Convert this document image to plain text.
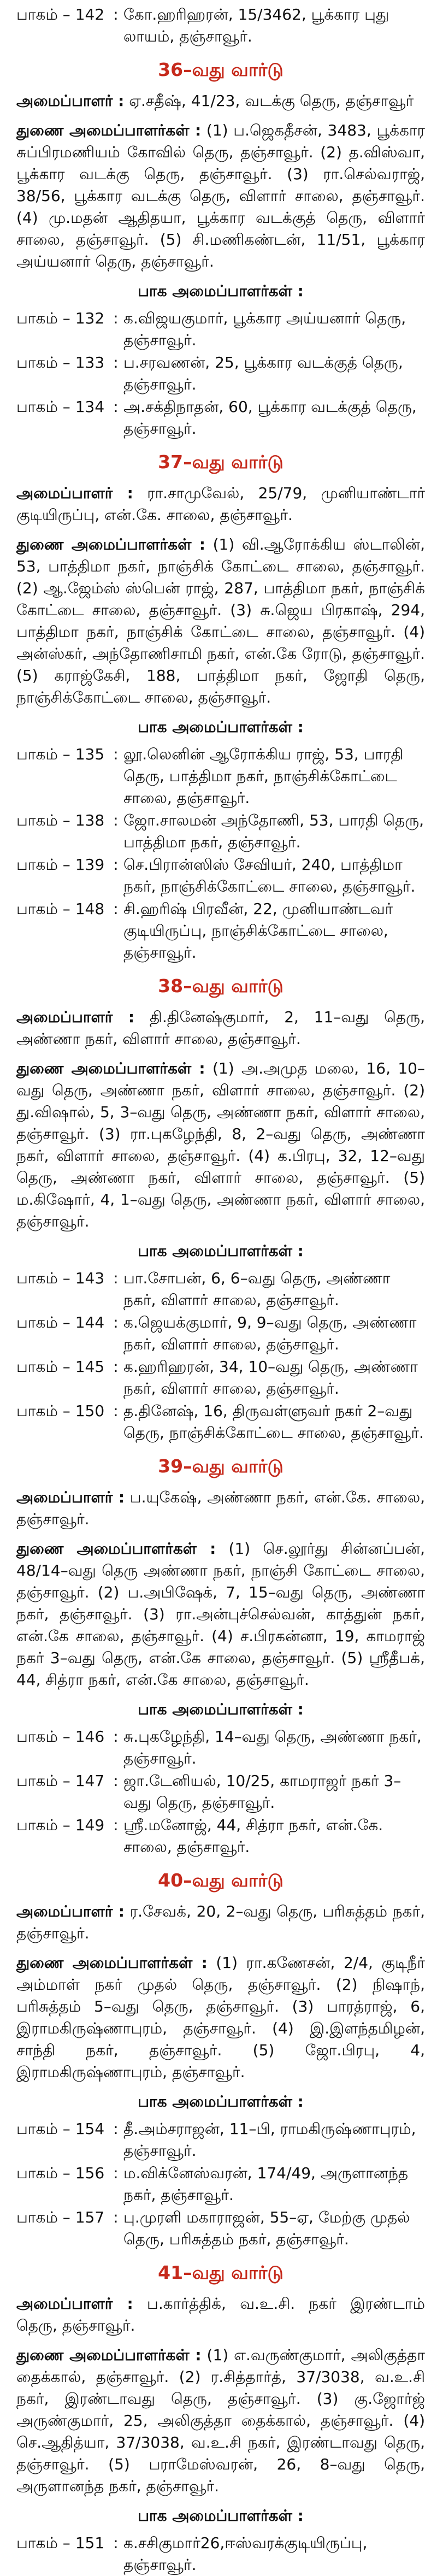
பாகம் – 142 : கோ.ஹரிஹரன், 15/3462, பூக்கார புது லாயம், தஞ்சாவூர்.
36–வது வார்டு
அமைப்பாளர் : ஏ.சதீஷ், 41/23, வடக்கு தெரு, தஞ்சாவூர்
துணை அமைப்பாளர்கள் : (1) ப.ஜெகதீசன், 3483, பூக்கார சுப்பிரமணியம் கோவில் தெரு, தஞ்சாவூர். (2) த.விஸ்வா, பூக்கார வடக்கு தெரு, தஞ்சாவூர். (3) ரா.செல்வராஜ், 38/56, பூக்கார வடக்கு தெரு, விளார் சாலை, தஞ்சாவூர். (4) மு.மதன் ஆதிதயா, பூக்கார வடக்குத் தெரு, விளார் சாலை, தஞ்சாவூர். (5) சி.மணிகண்டன், 11/51, பூக்கார அய்யனார் தெரு, தஞ்சாவூர்.
பாக அமைப்பாளர்கள் :
பாகம் – 132 : க.விஜயகுமார், பூக்கார அய்யனார் தெரு, தஞ்சாவூர்.
பாகம் – 133 : ப.சரவணன், 25, பூக்கார வடக்குத் தெரு, தஞ்சாவூர்.
பாகம் – 134 : அ.சக்திநாதன், 60, பூக்கார வடக்குத் தெரு, தஞ்சாவூர்.
37–வது வார்டு
அமைப்பாளர் : ரா.சாமுவேல், 25/79, முனியாண்டார் குடியிருப்பு, என்.கே. சாலை, தஞ்சாவூர்.
துணை அமைப்பாளர்கள் : (1) வி.ஆரோக்கிய ஸ்டாலின், 53, பாத்திமா நகர், நாஞ்சிக் கோட்டை சாலை, தஞ்சாவூர். (2) ஆ.ஜேம்ஸ் ஸ்பென் ராஜ், 287, பாத்திமா நகர், நாஞ்சிக் கோட்டை சாலை, தஞ்சாவூர். (3) சு.ஜெய பிரகாஷ், 294, பாத்திமா நகர், நாஞ்சிக் கோட்டை சாலை, தஞ்சாவூர். (4) அன்ஸ்கர், அந்தோணிசாமி நகர், என்.கே ரோடு, தஞ்சாவூர். (5) கராஜ்கேசி, 188, பாத்திமா நகர், ஜோதி தெரு, நாஞ்சிக்கோட்டை சாலை, தஞ்சாவூர்.
பாக அமைப்பாளர்கள் :
பாகம் – 135 : லூ.லெனின் ஆரோக்கிய ராஜ், 53, பாரதி தெரு, பாத்திமா நகர், நாஞ்சிக்கோட்டை சாலை, தஞ்சாவூர்.
பாகம் – 138 : ஜோ.சாலமன் அந்தோணி, 53, பாரதி தெரு, பாத்திமா நகர், தஞ்சாவூர்.
பாகம் – 139 : செ.பிரான்ஸிஸ் சேவியர், 240, பாத்திமா நகர், நாஞ்சிக்கோட்டை சாலை, தஞ்சாவூர்.
பாகம் – 148 : சி.ஹரிஷ் பிரவீன், 22, முனியாண்டவர் குடியிருப்பு, நாஞ்சிக்கோட்டை சாலை, தஞ்சாவூர்.
38–வது வார்டு
அமைப்பாளர் : தி.தினேஷ்குமார், 2, 11–வது தெரு, அண்ணா நகர், விளார் சாலை, தஞ்சாவூர்.
துணை அமைப்பாளர்கள் : (1) அ.அமுத மலை, 16, 10–வது தெரு, அண்ணா நகர், விளார் சாலை, தஞ்சாவூர். (2) து.விஷால், 5, 3–வது தெரு, அண்ணா நகர், விளார் சாலை, தஞ்சாவூர். (3) ரா.புகழேந்தி, 8, 2–வது தெரு, அண்ணா நகர், விளார் சாலை, தஞ்சாவூர். (4) க.பிரபு, 32, 12–வது தெரு, அண்ணா நகர், விளார் சாலை, தஞ்சாவூர். (5) ம.கிஷோர், 4, 1–வது தெரு, அண்ணா நகர், விளார் சாலை, தஞ்சாவூர்.
பாக அமைப்பாளர்கள் :
பாகம் – 143 : பா.சோபன், 6, 6–வது தெரு, அண்ணா நகர், விளார் சாலை, தஞ்சாவூர்.
பாகம் – 144 : க.ஜெயக்குமார், 9, 9–வது தெரு, அண்ணா நகர், விளார் சாலை, தஞ்சாவூர்.
பாகம் – 145 : க.ஹரிஹரன், 34, 10–வது தெரு, அண்ணா நகர், விளார் சாலை, தஞ்சாவூர்.
பாகம் – 150 : த.தினேஷ், 16, திருவள்ளுவர் நகர் 2–வது தெரு, நாஞ்சிக்கோட்டை சாலை, தஞ்சாவூர்.
39–வது வார்டு
அமைப்பாளர் : ப.யுகேஷ், அண்ணா நகர், என்.கே. சாலை, தஞ்சாவூர்.
துணை அமைப்பாளர்கள் : (1) செ.லூர்து சின்னப்பன், 48/14–வது தெரு அண்ணா நகர், நாஞ்சி கோட்டை சாலை, தஞ்சாவூர். (2) ப.அபிஷேக், 7, 15–வது தெரு, அண்ணா நகர், தஞ்சாவூர். (3) ரா.அன்புச்செல்வன், காத்துன் நகர், என்.கே சாலை, தஞ்சாவூர். (4) ச.பிரகன்னா, 19, காமராஜ் நகர் 3–வது தெரு, என்.கே சாலை, தஞ்சாவூர். (5) ஸ்ரீதீபக், 44, சித்ரா நகர், என்.கே சாலை, தஞ்சாவூர்.
பாக அமைப்பாளர்கள் :
பாகம் – 146 : சு.புகழேந்தி, 14–வது தெரு, அண்ணா நகர், தஞ்சாவூர்.
பாகம் – 147 : ஜா.டேனியல், 10/25, காமராஜர் நகர் 3–வது தெரு, தஞ்சாவூர்.
பாகம் – 149 : ஸ்ரீ.மனோஜ், 44, சித்ரா நகர், என்.கே. சாலை, தஞ்சாவூர்.
40–வது வார்டு
அமைப்பாளர் : ர.சேவக், 20, 2–வது தெரு, பரிசுத்தம் நகர், தஞ்சாவூர்.
துணை அமைப்பாளர்கள் : (1) ரா.கணேசன், 2/4, குடிநீர் அம்மாள் நகர் முதல் தெரு, தஞ்சாவூர். (2) நிஷாந், பரிசுத்தம் 5–வது தெரு, தஞ்சாவூர். (3) பாரத்ராஜ், 6, இராமகிருஷ்ணாபுரம், தஞ்சாவூர். (4) இ.இளந்தமிழன், சாந்தி நகர், தஞ்சாவூர். (5) ஜோ.பிரபு, 4, இராமகிருஷ்ணாபுரம், தஞ்சாவூர்.
பாக அமைப்பாளர்கள் :
பாகம் – 154 : தீ.அம்சராஜன், 11–பி, ராமகிருஷ்ணாபுரம், தஞ்சாவூர்.
பாகம் – 156 : ம.விக்னேஸ்வரன், 174/49, அருளானந்த நகர், தஞ்சாவூர்.
பாகம் – 157 : பு.முரளி மகாராஜன், 55–ஏ, மேற்கு முதல் தெரு, பரிசுத்தம் நகர், தஞ்சாவூர்.
41–வது வார்டு
அமைப்பாளர் : ப.கார்த்திக், வ.உ.சி. நகர் இரண்டாம் தெரு, தஞ்சாவூர்.
துணை அமைப்பாளர்கள் : (1) எ.வருண்குமார், அலிகுத்தா தைக்கால், தஞ்சாவூர். (2) ர.சித்தார்த், 37/3038, வ.உ.சி நகர், இரண்டாவது தெரு, தஞ்சாவூர். (3) கு.ஜோர்ஜ் அருண்குமார், 25, அலிகுத்தா தைக்கால், தஞ்சாவூர். (4) செ.ஆதித்யா, 37/3038, வ.உ.சி நகர், இரண்டாவது தெரு, தஞ்சாவூர். (5) பராமேஸ்வரன், 26, 8–வது தெரு, அருளானந்த நகர், தஞ்சாவூர்.
பாக அமைப்பாளர்கள் :
பாகம் – 151 : க.சசிகுமார்26,ஈஸ்வரக்குடியிருப்பு, தஞ்சாவூர்.
